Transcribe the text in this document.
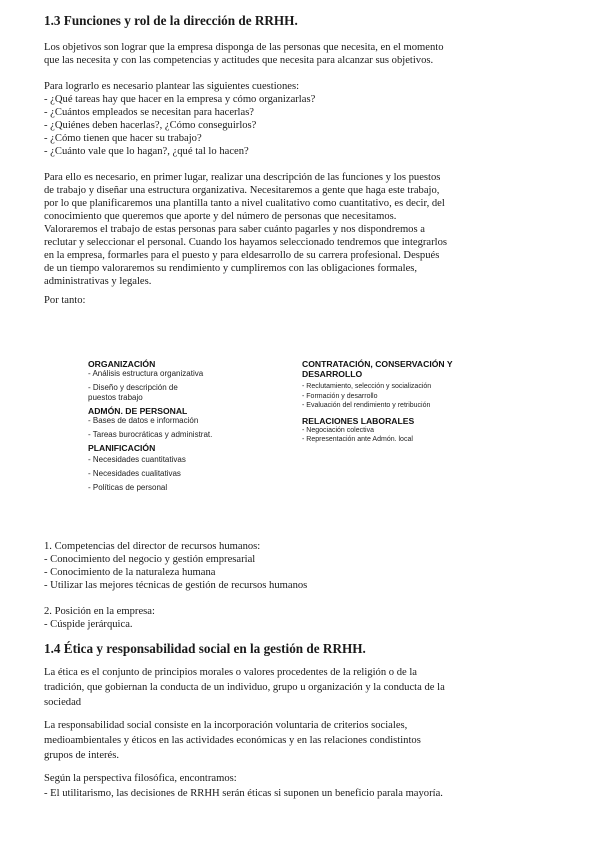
1.3 Funciones y rol de la dirección de RRHH.
Los objetivos son lograr que la empresa disponga de las personas que necesita, en el momento
que las necesita y con las competencias y actitudes que necesita para alcanzar sus objetivos.
Para lograrlo es necesario plantear las siguientes cuestiones:
- ¿Qué tareas hay que hacer en la empresa y cómo organizarlas?
- ¿Cuántos empleados se necesitan para hacerlas?
- ¿Quiénes deben hacerlas?, ¿Cómo conseguirlos?
- ¿Cómo tienen que hacer su trabajo?
- ¿Cuánto vale que lo hagan?, ¿qué tal lo hacen?
Para ello es necesario, en primer lugar, realizar una descripción de las funciones y los puestos
de trabajo y diseñar una estructura organizativa. Necesitaremos a gente que haga este trabajo,
por lo que planificaremos una plantilla tanto a nivel cualitativo como cuantitativo, es decir, del
conocimiento que queremos que aporte y del número de personas que necesitamos.
Valoraremos el trabajo de estas personas para saber cuánto pagarles y nos dispondremos a
reclutar y seleccionar el personal. Cuando los hayamos seleccionado tendremos que integrarlos
en la empresa, formarles para el puesto y para eldesarrollo de su carrera profesional. Después
de un tiempo valoraremos su rendimiento y cumpliremos con las obligaciones formales,
administrativas y legales.
Por tanto:
ORGANIZACIÓN
- Análisis estructura organizativa
- Diseño y descripción de
puestos trabajo
ADMÓN. DE PERSONAL
- Bases de datos e información
- Tareas burocráticas y administrat.
PLANIFICACIÓN
- Necesidades cuantitativas
- Necesidades cualitativas
- Políticas de personal
CONTRATACIÓN, CONSERVACIÓN Y
DESARROLLO
- Reclutamiento, selección y socialización
- Formación y desarrollo
- Evaluación del rendimiento y retribución
RELACIONES LABORALES
- Negociación colectiva
- Representación ante Admón. local
1. Competencias del director de recursos humanos:
- Conocimiento del negocio y gestión empresarial
- Conocimiento de la naturaleza humana
- Utilizar las mejores técnicas de gestión de recursos humanos
2. Posición en la empresa:
- Cúspide jerárquica.
1.4 Ética y responsabilidad social en la gestión de RRHH.
La ética es el conjunto de principios morales o valores procedentes de la religión o de la
tradición, que gobiernan la conducta de un individuo, grupo u organización y la conducta de la
sociedad
La responsabilidad social consiste en la incorporación voluntaria de criterios sociales,
medioambientales y éticos en las actividades económicas y en las relaciones condistintos
grupos de interés.
Según la perspectiva filosófica, encontramos:
- El utilitarismo, las decisiones de RRHH serán éticas si suponen un beneficio parala mayoría.
